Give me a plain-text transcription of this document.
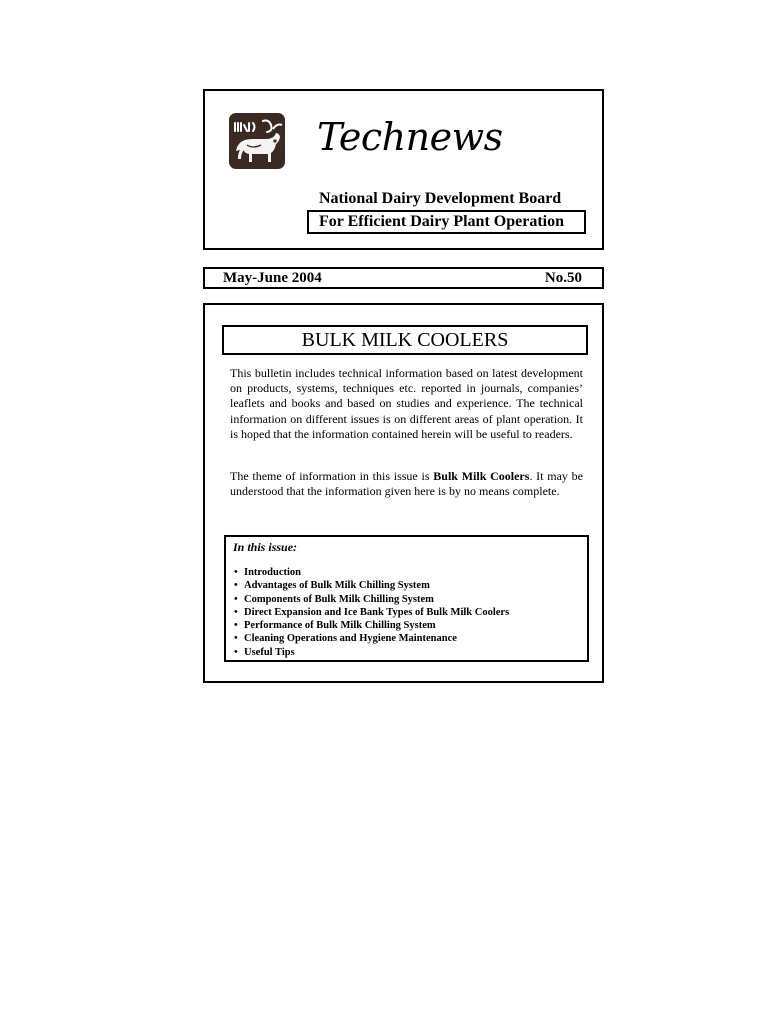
Technews

National Dairy Development Board

For Efficient Dairy Plant Operation
May-June 2004	No.50
BULK MILK COOLERS

This bulletin includes technical information based on latest development on products, systems, techniques etc. reported in journals, companies’ leaflets and books and based on studies and experience. The technical information on different issues is on different areas of plant operation. It is hoped that the information contained herein will be useful to readers.

The theme of information in this issue is Bulk Milk Coolers. It may be understood that the information given here is by no means complete.

In this issue:

• Introduction
• Advantages of Bulk Milk Chilling System
• Components of Bulk Milk Chilling System
• Direct Expansion and Ice Bank Types of Bulk Milk Coolers
• Performance of Bulk Milk Chilling System
• Cleaning Operations and Hygiene Maintenance
• Useful Tips
